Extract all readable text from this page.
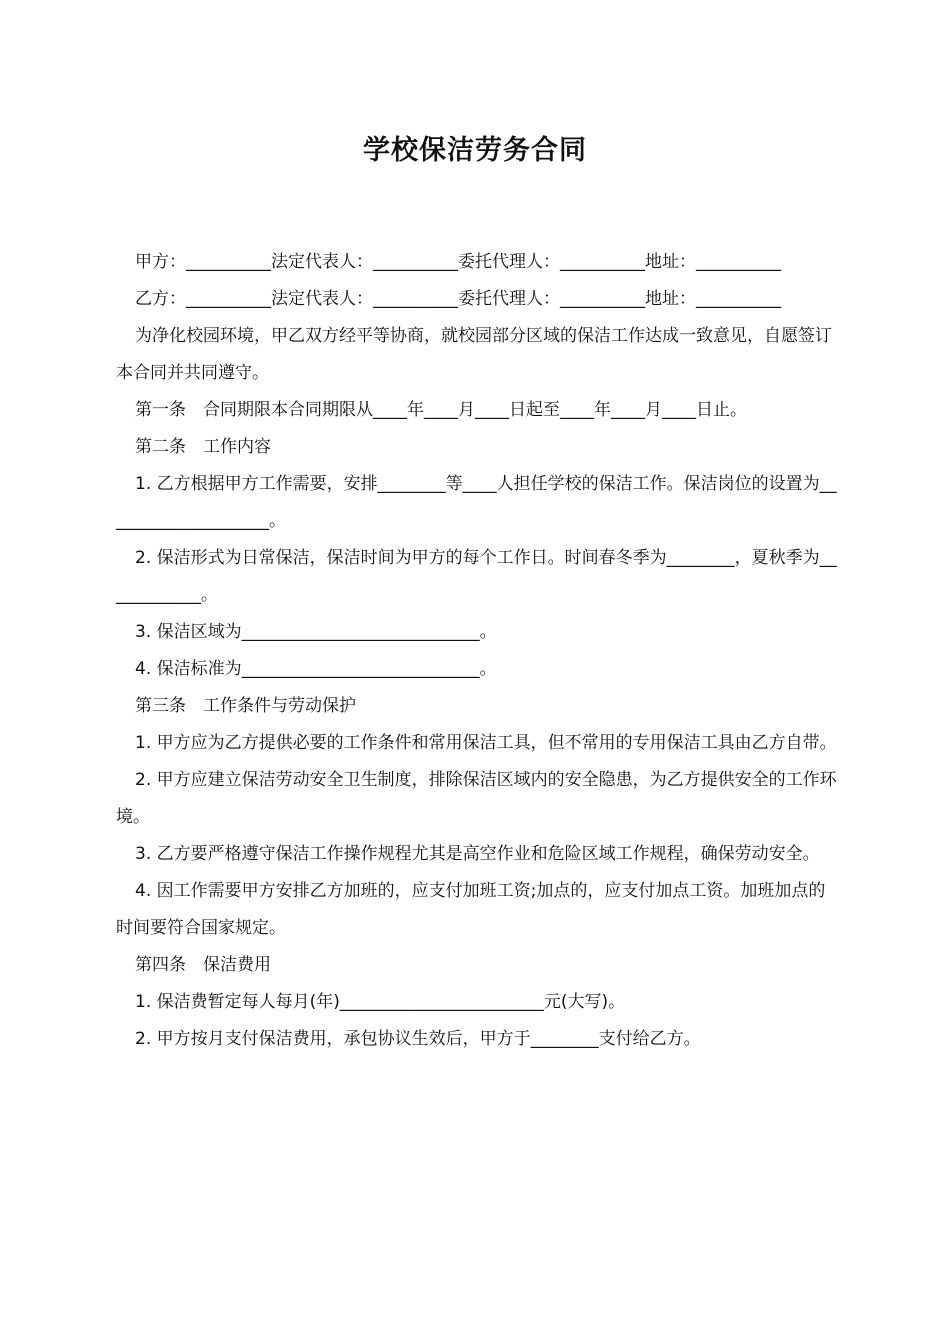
学校保洁劳务合同

甲方：__________法定代表人：__________委托代理人：__________地址：__________

乙方：__________法定代表人：__________委托代理人：__________地址：__________

为净化校园环境，甲乙双方经平等协商，就校园部分区域的保洁工作达成一致意见，自愿签订本合同并共同遵守。

第一条　合同期限本合同期限从____年____月____日起至____年____月____日止。

第二条　工作内容

1. 乙方根据甲方工作需要，安排________等____人担任学校的保洁工作。保洁岗位的设置为____________________。

2. 保洁形式为日常保洁，保洁时间为甲方的每个工作日。时间春冬季为________，夏秋季为____________。

3. 保洁区域为____________________________。

4. 保洁标准为____________________________。

第三条　工作条件与劳动保护

1. 甲方应为乙方提供必要的工作条件和常用保洁工具，但不常用的专用保洁工具由乙方自带。

2. 甲方应建立保洁劳动安全卫生制度，排除保洁区域内的安全隐患，为乙方提供安全的工作环境。

3. 乙方要严格遵守保洁工作操作规程尤其是高空作业和危险区域工作规程，确保劳动安全。

4. 因工作需要甲方安排乙方加班的，应支付加班工资;加点的，应支付加点工资。加班加点的时间要符合国家规定。

第四条　保洁费用

1. 保洁费暂定每人每月(年)________________________元(大写)。

2. 甲方按月支付保洁费用，承包协议生效后，甲方于________支付给乙方。
